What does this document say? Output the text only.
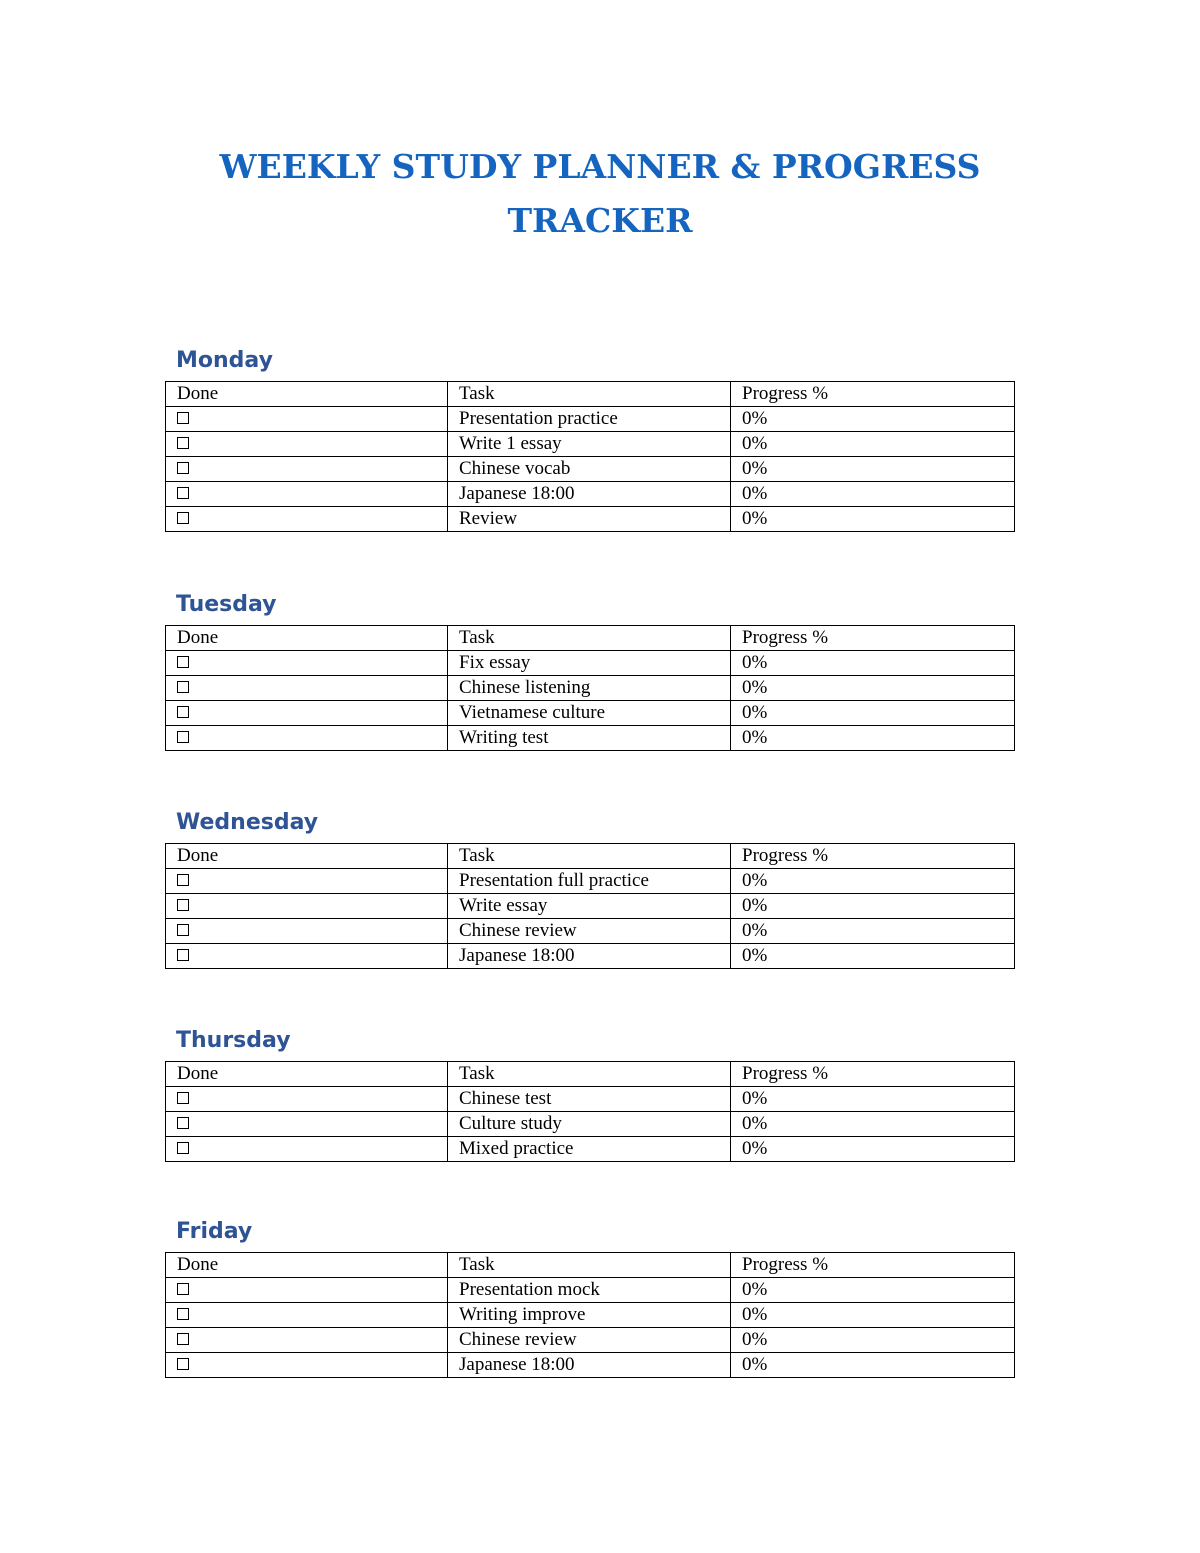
WEEKLY STUDY PLANNER & PROGRESS
TRACKER
Monday
Done	Task	Progress %
	Presentation practice	0%
	Write 1 essay	0%
	Chinese vocab	0%
	Japanese 18:00	0%
	Review	0%
Tuesday
Done	Task	Progress %
	Fix essay	0%
	Chinese listening	0%
	Vietnamese culture	0%
	Writing test	0%
Wednesday
Done	Task	Progress %
	Presentation full practice	0%
	Write essay	0%
	Chinese review	0%
	Japanese 18:00	0%
Thursday
Done	Task	Progress %
	Chinese test	0%
	Culture study	0%
	Mixed practice	0%
Friday
Done	Task	Progress %
	Presentation mock	0%
	Writing improve	0%
	Chinese review	0%
	Japanese 18:00	0%
